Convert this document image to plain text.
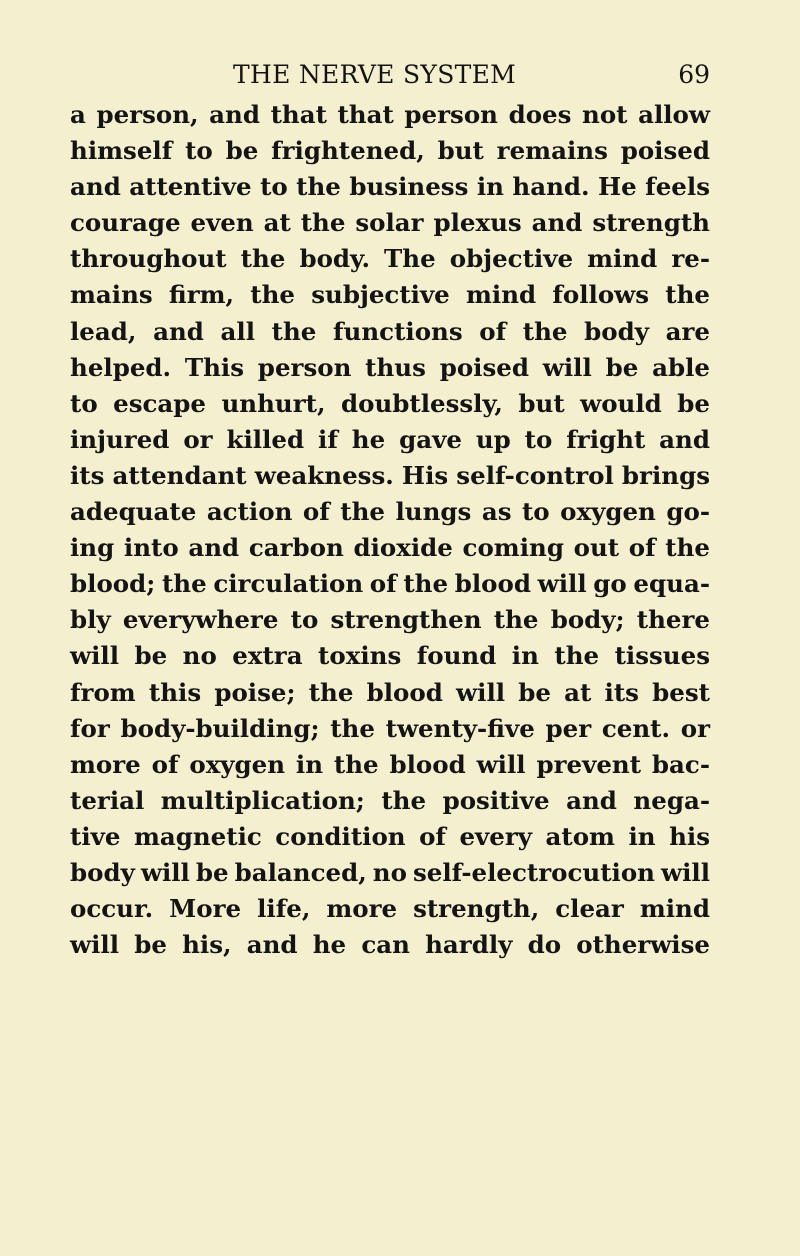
THE NERVE SYSTEM	69
a person, and that that person does not allow
himself to be frightened, but remains poised
and attentive to the business in hand. He feels
courage even at the solar plexus and strength
throughout the body. The objective mind re-
mains firm, the subjective mind follows the
lead, and all the functions of the body are
helped. This person thus poised will be able
to escape unhurt, doubtlessly, but would be
injured or killed if he gave up to fright and
its attendant weakness. His self-control brings
adequate action of the lungs as to oxygen go-
ing into and carbon dioxide coming out of the
blood; the circulation of the blood will go equa-
bly everywhere to strengthen the body; there
will be no extra toxins found in the tissues
from this poise; the blood will be at its best
for body-building; the twenty-five per cent. or
more of oxygen in the blood will prevent bac-
terial multiplication; the positive and nega-
tive magnetic condition of every atom in his
body will be balanced, no self-electrocution will
occur. More life, more strength, clear mind
will be his, and he can hardly do otherwise
